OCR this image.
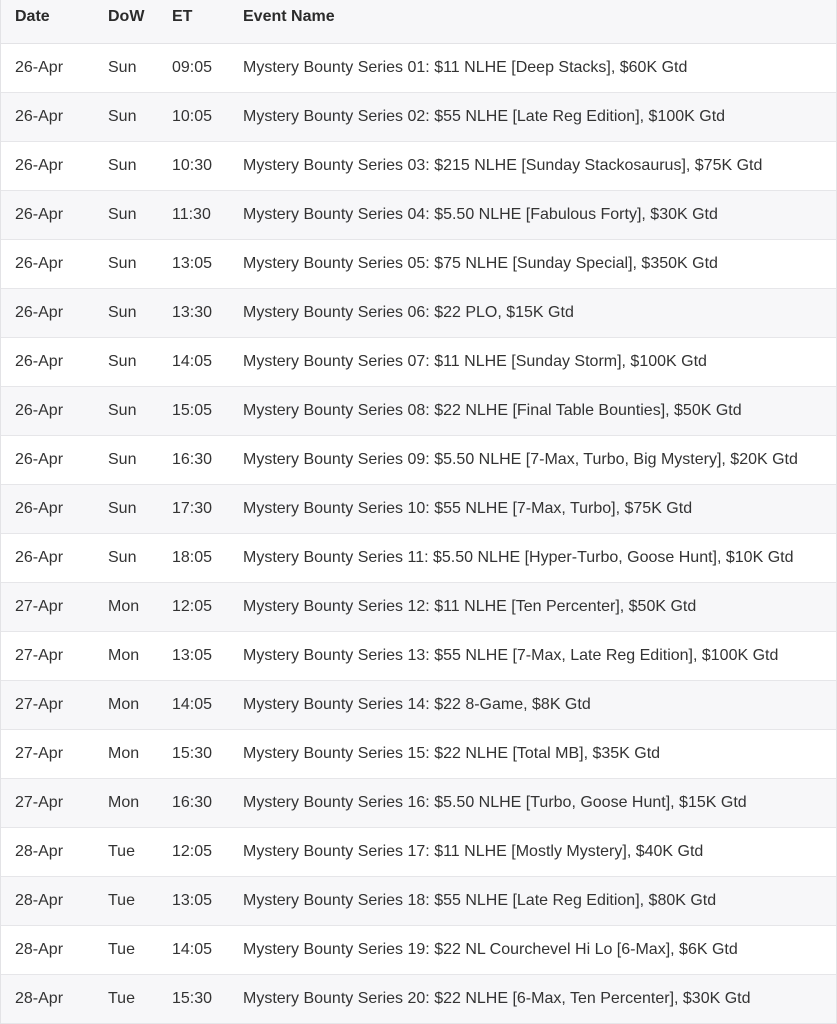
Date	DoW	ET	Event Name
26-Apr	Sun	09:05	Mystery Bounty Series 01: $11 NLHE [Deep Stacks], $60K Gtd
26-Apr	Sun	10:05	Mystery Bounty Series 02: $55 NLHE [Late Reg Edition], $100K Gtd
26-Apr	Sun	10:30	Mystery Bounty Series 03: $215 NLHE [Sunday Stackosaurus], $75K Gtd
26-Apr	Sun	11:30	Mystery Bounty Series 04: $5.50 NLHE [Fabulous Forty], $30K Gtd
26-Apr	Sun	13:05	Mystery Bounty Series 05: $75 NLHE [Sunday Special], $350K Gtd
26-Apr	Sun	13:30	Mystery Bounty Series 06: $22 PLO, $15K Gtd
26-Apr	Sun	14:05	Mystery Bounty Series 07: $11 NLHE [Sunday Storm], $100K Gtd
26-Apr	Sun	15:05	Mystery Bounty Series 08: $22 NLHE [Final Table Bounties], $50K Gtd
26-Apr	Sun	16:30	Mystery Bounty Series 09: $5.50 NLHE [7-Max, Turbo, Big Mystery], $20K Gtd
26-Apr	Sun	17:30	Mystery Bounty Series 10: $55 NLHE [7-Max, Turbo], $75K Gtd
26-Apr	Sun	18:05	Mystery Bounty Series 11: $5.50 NLHE [Hyper-Turbo, Goose Hunt], $10K Gtd
27-Apr	Mon	12:05	Mystery Bounty Series 12: $11 NLHE [Ten Percenter], $50K Gtd
27-Apr	Mon	13:05	Mystery Bounty Series 13: $55 NLHE [7-Max, Late Reg Edition], $100K Gtd
27-Apr	Mon	14:05	Mystery Bounty Series 14: $22 8-Game, $8K Gtd
27-Apr	Mon	15:30	Mystery Bounty Series 15: $22 NLHE [Total MB], $35K Gtd
27-Apr	Mon	16:30	Mystery Bounty Series 16: $5.50 NLHE [Turbo, Goose Hunt], $15K Gtd
28-Apr	Tue	12:05	Mystery Bounty Series 17: $11 NLHE [Mostly Mystery], $40K Gtd
28-Apr	Tue	13:05	Mystery Bounty Series 18: $55 NLHE [Late Reg Edition], $80K Gtd
28-Apr	Tue	14:05	Mystery Bounty Series 19: $22 NL Courchevel Hi Lo [6-Max], $6K Gtd
28-Apr	Tue	15:30	Mystery Bounty Series 20: $22 NLHE [6-Max, Ten Percenter], $30K Gtd
